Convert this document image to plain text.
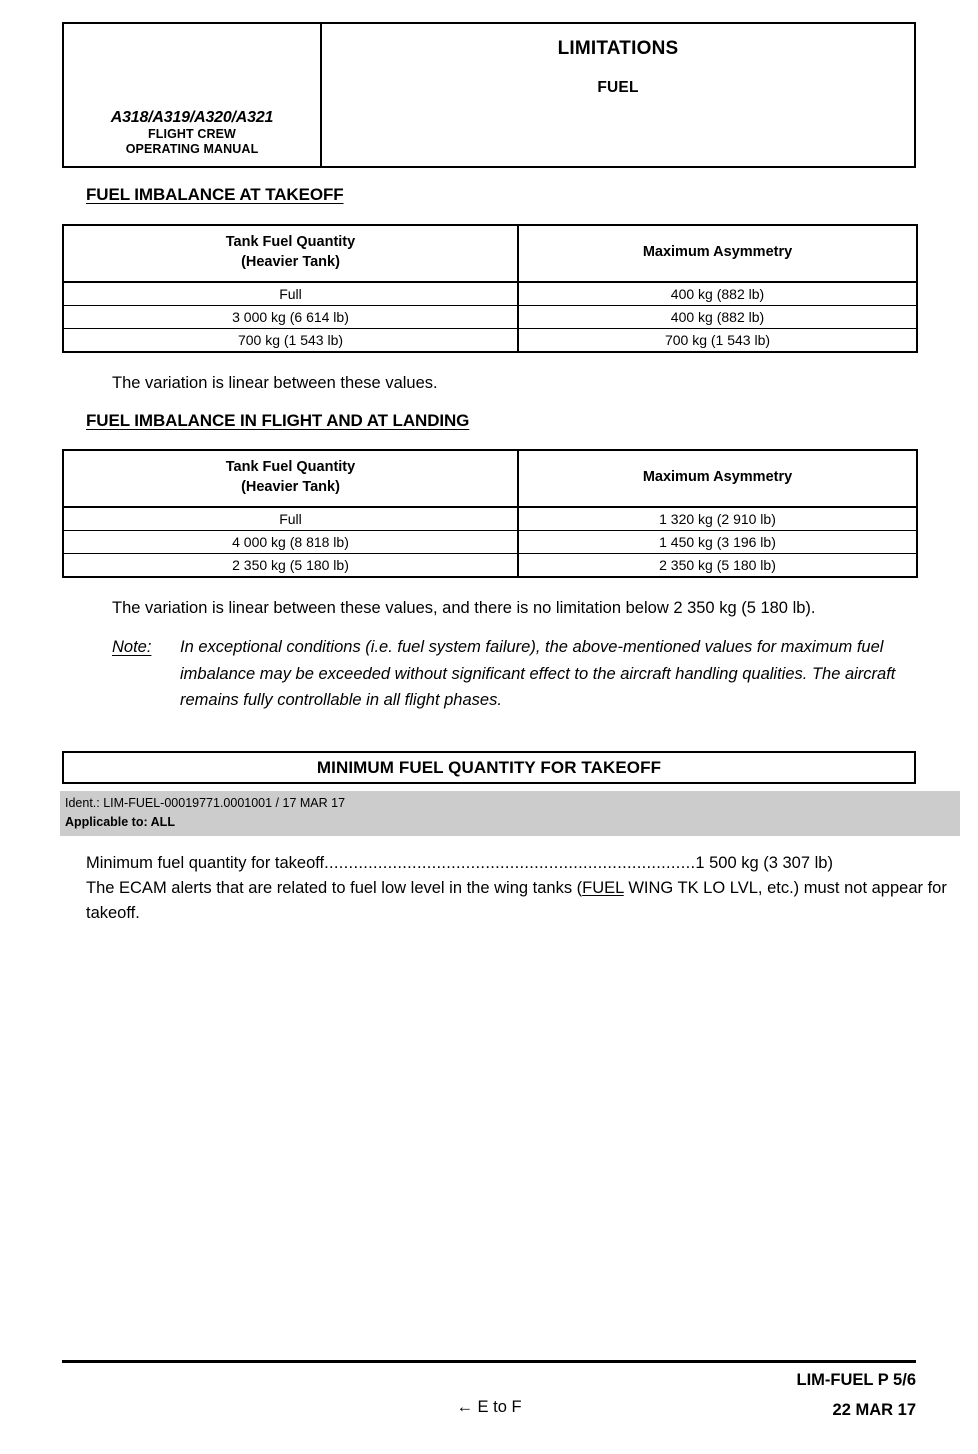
A318/A319/A320/A321
FLIGHT CREW
OPERATING MANUAL
LIMITATIONS
FUEL
FUEL IMBALANCE AT TAKEOFF
Tank Fuel Quantity
(Heavier Tank)	Maximum Asymmetry

Full	400 kg (882 lb)
3 000 kg (6 614 lb)	400 kg (882 lb)
700 kg (1 543 lb)	700 kg (1 543 lb)
The variation is linear between these values.
FUEL IMBALANCE IN FLIGHT AND AT LANDING
Tank Fuel Quantity
(Heavier Tank)	Maximum Asymmetry

Full	1 320 kg (2 910 lb)
4 000 kg (8 818 lb)	1 450 kg (3 196 lb)
2 350 kg (5 180 lb)	2 350 kg (5 180 lb)
The variation is linear between these values, and there is no limitation below 2 350 kg (5 180 lb).
Note:	In exceptional conditions (i.e. fuel system failure), the above-mentioned values for maximum fuel imbalance may be exceeded without significant effect to the aircraft handling qualities. The aircraft remains fully controllable in all flight phases.
MINIMUM FUEL QUANTITY FOR TAKEOFF
Ident.: LIM-FUEL-00019771.0001001 / 17 MAR 17
Applicable to: ALL
Minimum fuel quantity for takeoff............................................................................1 500 kg (3 307 lb)
The ECAM alerts that are related to fuel low level in the wing tanks (FUEL WING TK LO LVL, etc.) must not appear for takeoff.
LIM-FUEL P 5/6
22 MAR 17
← E to F
